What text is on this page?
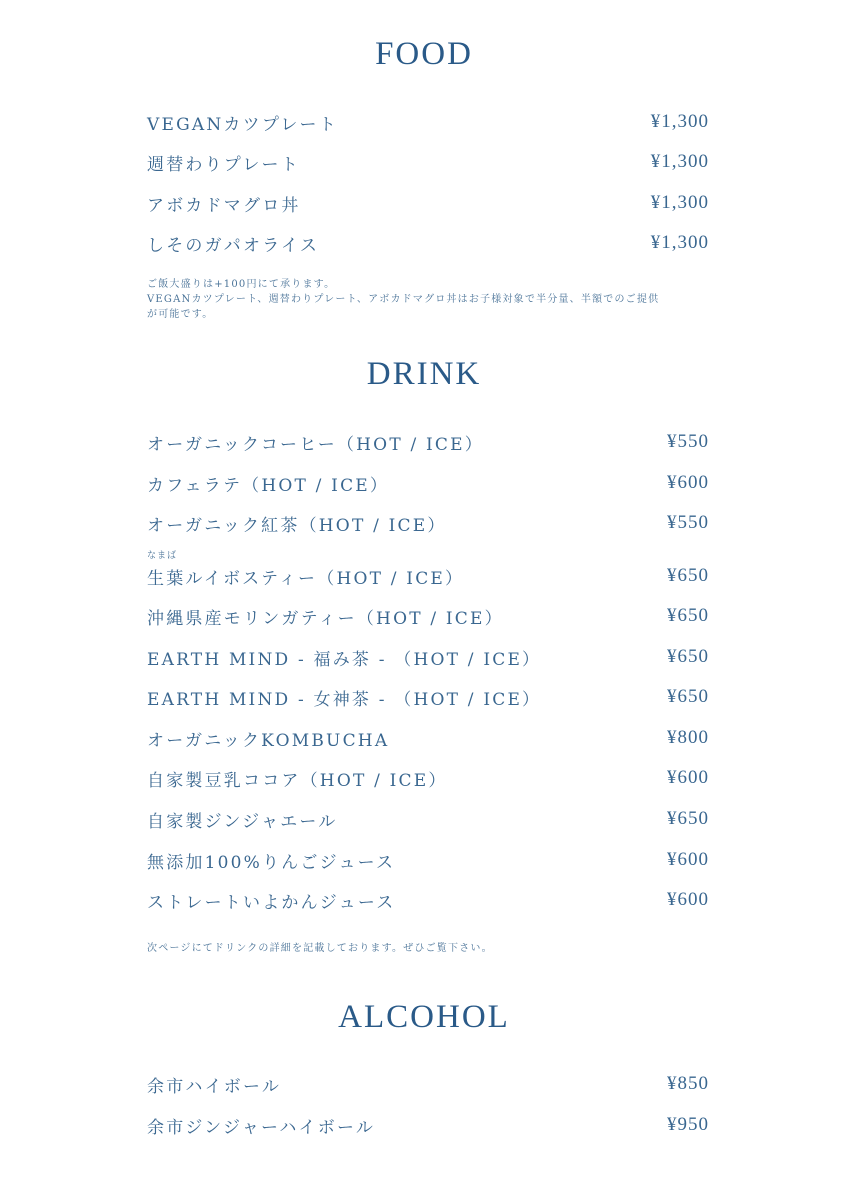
FOOD
VEGANカツプレート	¥1,300
週替わりプレート	¥1,300
アボカドマグロ丼	¥1,300
しそのガパオライス	¥1,300
ご飯大盛りは+100円にて承ります。
VEGANカツプレート、週替わりプレート、アボカドマグロ丼はお子様対象で半分量、半額でのご提供
が可能です。
DRINK
オーガニックコーヒー（HOT / ICE）	¥550
カフェラテ（HOT / ICE）	¥600
オーガニック紅茶（HOT / ICE）	¥550
なまば
生葉ルイボスティー（HOT / ICE）	¥650
沖縄県産モリンガティー（HOT / ICE）	¥650
EARTH MIND - 福み茶 - （HOT / ICE）	¥650
EARTH MIND - 女神茶 - （HOT / ICE）	¥650
オーガニックKOMBUCHA	¥800
自家製豆乳ココア（HOT / ICE）	¥600
自家製ジンジャエール	¥650
無添加100%りんごジュース	¥600
ストレートいよかんジュース	¥600
次ページにてドリンクの詳細を記載しております。ぜひご覧下さい。
ALCOHOL
余市ハイボール	¥850
余市ジンジャーハイボール	¥950
